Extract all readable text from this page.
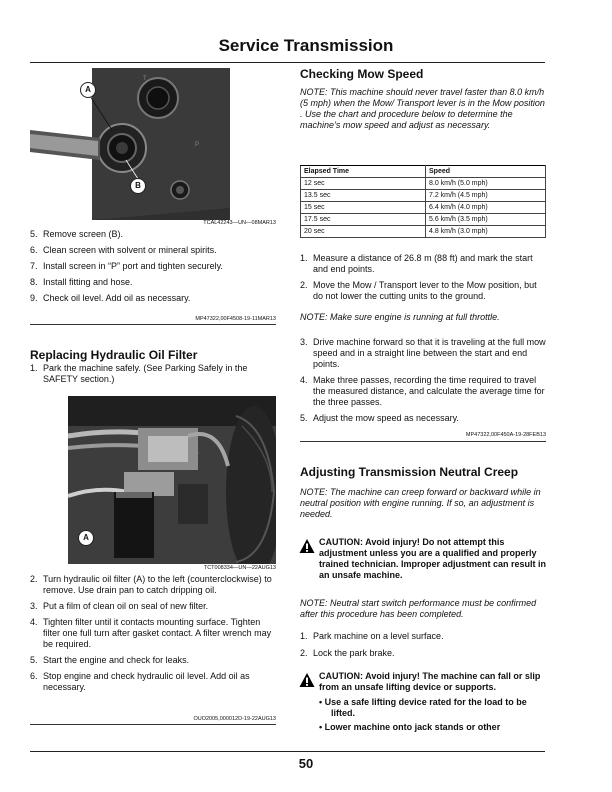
Service Transmission
T
P
A
B
TCAL42243—UN—08MAR13
5. Remove screen (B).
6. Clean screen with solvent or mineral spirits.
7. Install screen in “P” port and tighten securely.
8. Install fitting and hose.
9. Check oil level. Add oil as necessary.
MP47322,00F4508-19-11MAR13
Replacing Hydraulic Oil Filter
1. Park the machine safely. (See Parking Safely in the SAFETY section.)
A
TCT008334—UN—22AUG13
2. Turn hydraulic oil filter (A) to the left (counterclockwise) to remove. Use drain pan to catch dripping oil.
3. Put a film of clean oil on seal of new filter.
4. Tighten filter until it contacts mounting surface. Tighten filter one full turn after gasket contact. A filter wrench may be required.
5. Start the engine and check for leaks.
6. Stop engine and check hydraulic oil level. Add oil as necessary.
OUO2005,000012D-19-22AUG13
Checking Mow Speed
NOTE: This machine should never travel faster than 8.0 km/h (5 mph) when the Mow/ Transport lever is in the Mow position . Use the chart and procedure below to determine the machine’s mow speed and adjust as necessary.
Elapsed Time	Speed
12 sec	8.0 km/h (5.0 mph)
13.5 sec	7.2 km/h (4.5 mph)
15 sec	6.4 km/h (4.0 mph)
17.5 sec	5.6 km/h (3.5 mph)
20 sec	4.8 km/h (3.0 mph)
1. Measure a distance of 26.8 m (88 ft) and mark the start and end points.
2. Move the Mow / Transport lever to the Mow position, but do not lower the cutting units to the ground.
NOTE: Make sure engine is running at full throttle.
3. Drive machine forward so that it is traveling at the full mow speed and in a straight line between the start and end points.
4. Make three passes, recording the time required to travel the measured distance, and calculate the average time for the three passes.
5. Adjust the mow speed as necessary.
MP47322,00F450A-19-28FEB13
Adjusting Transmission Neutral Creep
NOTE: The machine can creep forward or backward while in neutral position with engine running. If so, an adjustment is needed.
CAUTION: Avoid injury! Do not attempt this adjustment unless you are a qualified and properly trained technician. Improper adjustment can result in an unsafe machine.
NOTE: Neutral start switch performance must be confirmed after this procedure has been completed.
1. Park machine on a level surface.
2. Lock the park brake.
CAUTION: Avoid injury! The machine can fall or slip from an unsafe lifting device or supports.
• Use a safe lifting device rated for the load to be lifted.
• Lower machine onto jack stands or other
50
